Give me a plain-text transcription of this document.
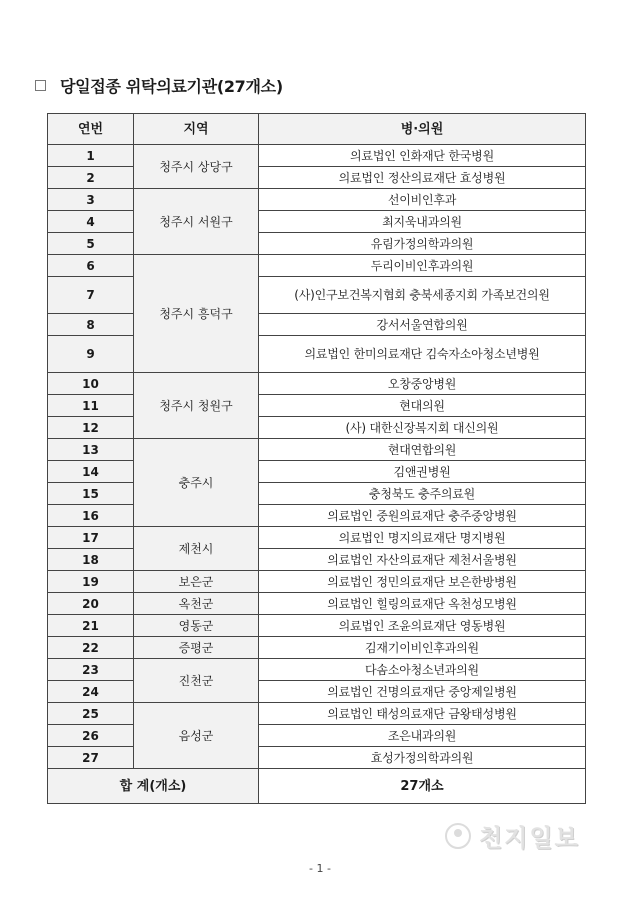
당일접종 위탁의료기관(27개소)
연번	지역	병·의원
1	청주시 상당구	의료법인 인화재단 한국병원
2		의료법인 정산의료재단 효성병원
3	청주시 서원구	선이비인후과
4		최지욱내과의원
5		유림가정의학과의원
6	청주시 흥덕구	두리이비인후과의원
7		(사)인구보건복지협회 충북세종지회 가족보건의원
8		강서서울연합의원
9		의료법인 한미의료재단 김숙자소아청소년병원
10	청주시 청원구	오창중앙병원
11		현대의원
12		(사) 대한신장복지회 대신의원
13	충주시	현대연합의원
14		김앤권병원
15		충청북도 충주의료원
16		의료법인 중원의료재단 충주중앙병원
17	제천시	의료법인 명지의료재단 명지병원
18		의료법인 자산의료재단 제천서울병원
19	보은군	의료법인 정민의료재단 보은한방병원
20	옥천군	의료법인 힐링의료재단 옥천성모병원
21	영동군	의료법인 조윤의료재단 영동병원
22	증평군	김재기이비인후과의원
23	진천군	다솜소아청소년과의원
24		의료법인 건명의료재단 중앙제일병원
25	음성군	의료법인 태성의료재단 금왕태성병원
26		조은내과의원
27		효성가정의학과의원
합 계(개소)		27개소
천지일보
- 1 -
